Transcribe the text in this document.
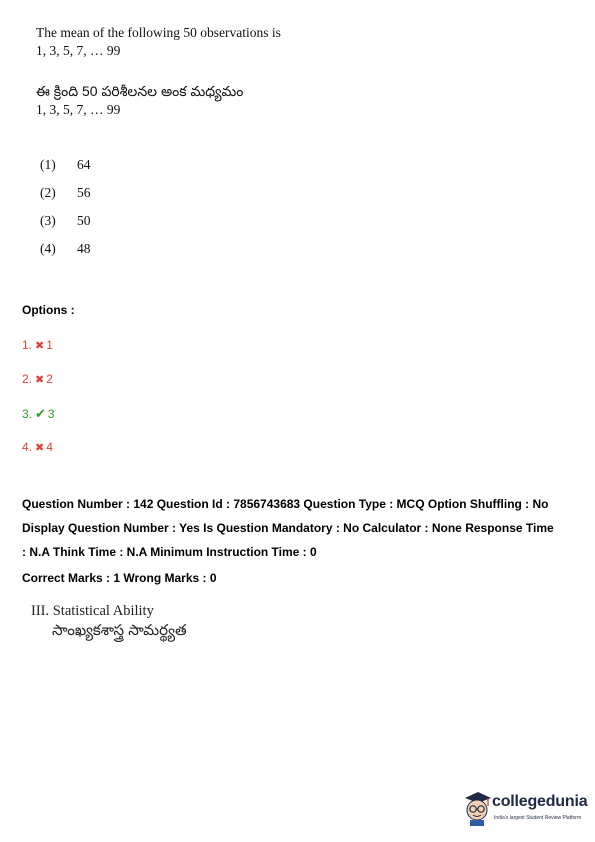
The mean of the following 50 observations is
1, 3, 5, 7, … 99
ఈ క్రింది 50 పరిశీలనల అంక మధ్యమం
1, 3, 5, 7, … 99
(1) 64
(2) 56
(3) 50
(4) 48
Options :
1. ✖ 1
2. ✖ 2
3. ✔ 3
4. ✖ 4
Question Number : 142 Question Id : 7856743683 Question Type : MCQ Option Shuffling : No
Display Question Number : Yes Is Question Mandatory : No Calculator : None Response Time
: N.A Think Time : N.A Minimum Instruction Time : 0
Correct Marks : 1 Wrong Marks : 0
III. Statistical Ability
సాంఖ్యకశాస్త్ర సామర్థ్యత
collegedunia
India's largest Student Review Platform
